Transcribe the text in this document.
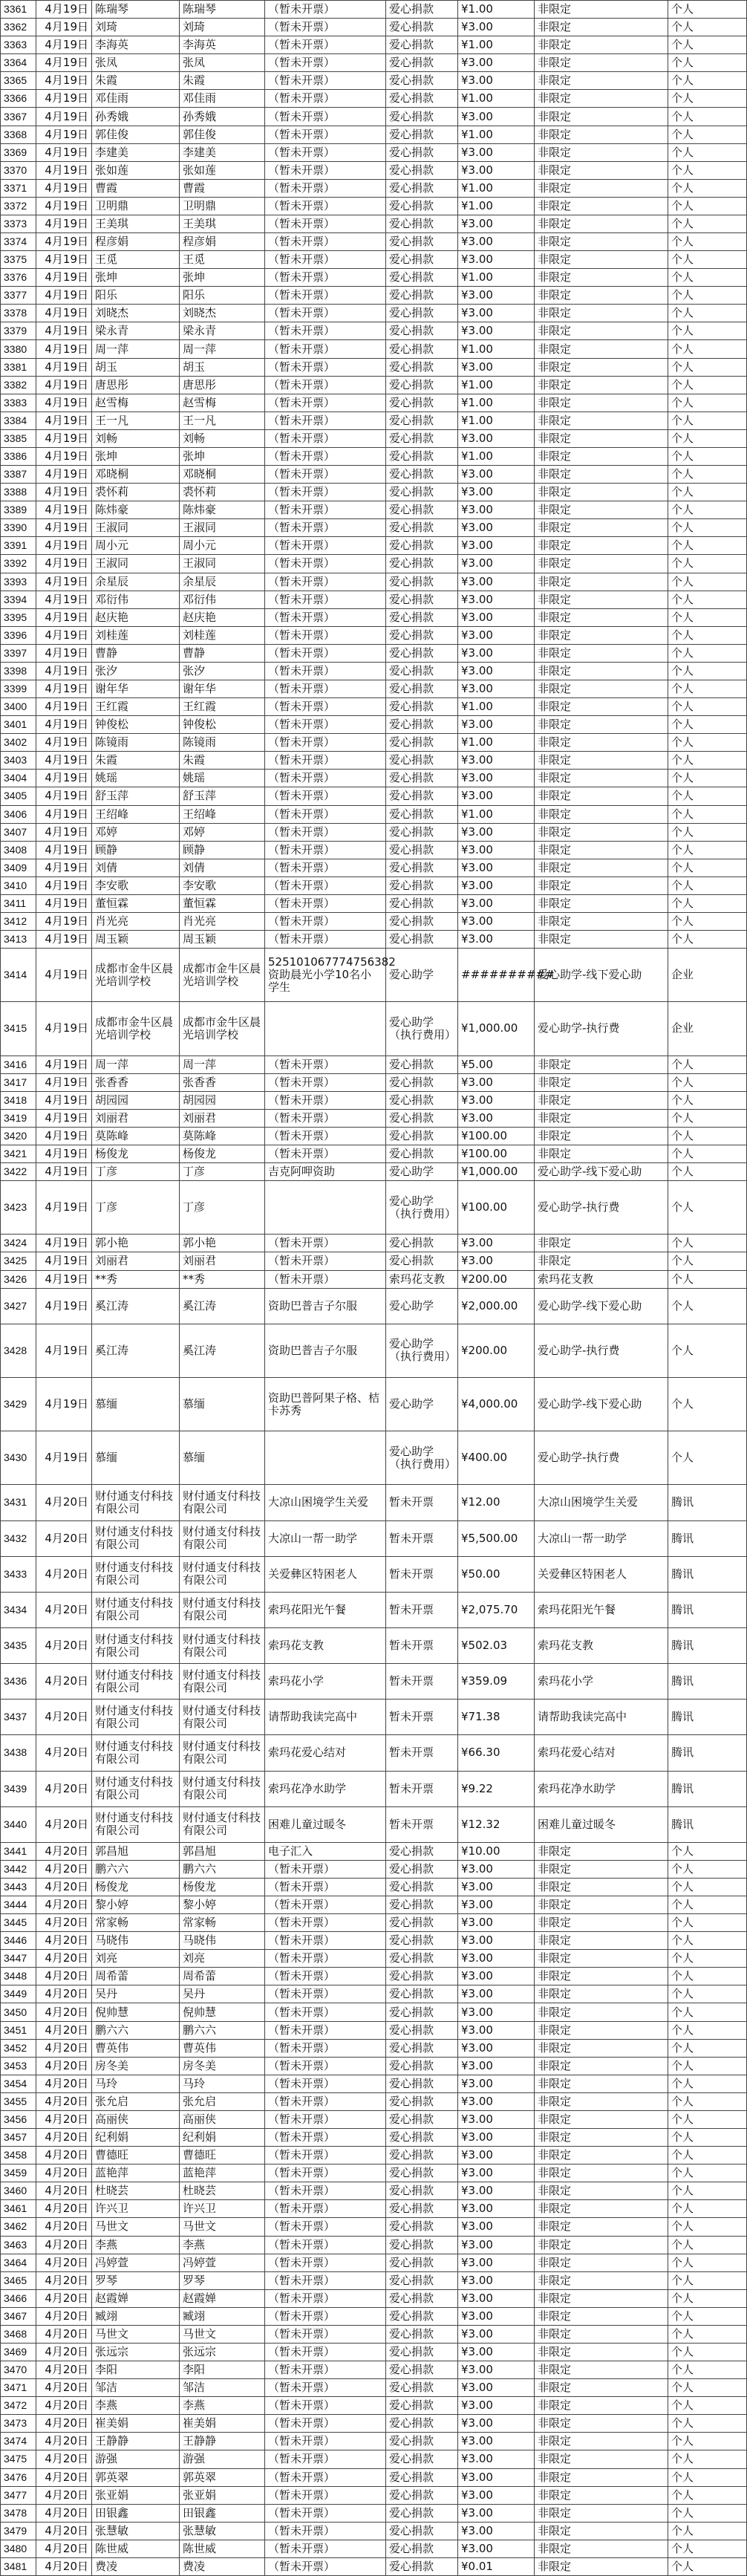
3361	4月19日	陈瑞琴	陈瑞琴	（暂未开票）	爱心捐款	¥1.00	非限定	个人
3362	4月19日	刘琦	刘琦	（暂未开票）	爱心捐款	¥3.00	非限定	个人
3363	4月19日	李海英	李海英	（暂未开票）	爱心捐款	¥1.00	非限定	个人
3364	4月19日	张凤	张凤	（暂未开票）	爱心捐款	¥3.00	非限定	个人
3365	4月19日	朱霞	朱霞	（暂未开票）	爱心捐款	¥3.00	非限定	个人
3366	4月19日	邓佳雨	邓佳雨	（暂未开票）	爱心捐款	¥1.00	非限定	个人
3367	4月19日	孙秀娥	孙秀娥	（暂未开票）	爱心捐款	¥3.00	非限定	个人
3368	4月19日	郭佳俊	郭佳俊	（暂未开票）	爱心捐款	¥1.00	非限定	个人
3369	4月19日	李建美	李建美	（暂未开票）	爱心捐款	¥3.00	非限定	个人
3370	4月19日	张如莲	张如莲	（暂未开票）	爱心捐款	¥3.00	非限定	个人
3371	4月19日	曹霞	曹霞	（暂未开票）	爱心捐款	¥1.00	非限定	个人
3372	4月19日	卫明鼎	卫明鼎	（暂未开票）	爱心捐款	¥1.00	非限定	个人
3373	4月19日	王美琪	王美琪	（暂未开票）	爱心捐款	¥3.00	非限定	个人
3374	4月19日	程彦娟	程彦娟	（暂未开票）	爱心捐款	¥3.00	非限定	个人
3375	4月19日	王觅	王觅	（暂未开票）	爱心捐款	¥3.00	非限定	个人
3376	4月19日	张坤	张坤	（暂未开票）	爱心捐款	¥1.00	非限定	个人
3377	4月19日	阳乐	阳乐	（暂未开票）	爱心捐款	¥3.00	非限定	个人
3378	4月19日	刘晓杰	刘晓杰	（暂未开票）	爱心捐款	¥3.00	非限定	个人
3379	4月19日	梁永青	梁永青	（暂未开票）	爱心捐款	¥3.00	非限定	个人
3380	4月19日	周一萍	周一萍	（暂未开票）	爱心捐款	¥1.00	非限定	个人
3381	4月19日	胡玉	胡玉	（暂未开票）	爱心捐款	¥3.00	非限定	个人
3382	4月19日	唐思彤	唐思彤	（暂未开票）	爱心捐款	¥1.00	非限定	个人
3383	4月19日	赵雪梅	赵雪梅	（暂未开票）	爱心捐款	¥1.00	非限定	个人
3384	4月19日	王一凡	王一凡	（暂未开票）	爱心捐款	¥1.00	非限定	个人
3385	4月19日	刘畅	刘畅	（暂未开票）	爱心捐款	¥3.00	非限定	个人
3386	4月19日	张坤	张坤	（暂未开票）	爱心捐款	¥1.00	非限定	个人
3387	4月19日	邓晓桐	邓晓桐	（暂未开票）	爱心捐款	¥3.00	非限定	个人
3388	4月19日	裘怀莉	裘怀莉	（暂未开票）	爱心捐款	¥3.00	非限定	个人
3389	4月19日	陈炜豪	陈炜豪	（暂未开票）	爱心捐款	¥3.00	非限定	个人
3390	4月19日	王淑同	王淑同	（暂未开票）	爱心捐款	¥3.00	非限定	个人
3391	4月19日	周小元	周小元	（暂未开票）	爱心捐款	¥3.00	非限定	个人
3392	4月19日	王淑同	王淑同	（暂未开票）	爱心捐款	¥3.00	非限定	个人
3393	4月19日	余星辰	余星辰	（暂未开票）	爱心捐款	¥3.00	非限定	个人
3394	4月19日	邓衍伟	邓衍伟	（暂未开票）	爱心捐款	¥3.00	非限定	个人
3395	4月19日	赵庆艳	赵庆艳	（暂未开票）	爱心捐款	¥3.00	非限定	个人
3396	4月19日	刘桂莲	刘桂莲	（暂未开票）	爱心捐款	¥3.00	非限定	个人
3397	4月19日	曹静	曹静	（暂未开票）	爱心捐款	¥3.00	非限定	个人
3398	4月19日	张汐	张汐	（暂未开票）	爱心捐款	¥3.00	非限定	个人
3399	4月19日	谢年华	谢年华	（暂未开票）	爱心捐款	¥3.00	非限定	个人
3400	4月19日	王红霞	王红霞	（暂未开票）	爱心捐款	¥1.00	非限定	个人
3401	4月19日	钟俊松	钟俊松	（暂未开票）	爱心捐款	¥3.00	非限定	个人
3402	4月19日	陈镜雨	陈镜雨	（暂未开票）	爱心捐款	¥1.00	非限定	个人
3403	4月19日	朱霞	朱霞	（暂未开票）	爱心捐款	¥3.00	非限定	个人
3404	4月19日	姚瑶	姚瑶	（暂未开票）	爱心捐款	¥3.00	非限定	个人
3405	4月19日	舒玉萍	舒玉萍	（暂未开票）	爱心捐款	¥3.00	非限定	个人
3406	4月19日	王绍峰	王绍峰	（暂未开票）	爱心捐款	¥1.00	非限定	个人
3407	4月19日	邓婷	邓婷	（暂未开票）	爱心捐款	¥3.00	非限定	个人
3408	4月19日	顾静	顾静	（暂未开票）	爱心捐款	¥3.00	非限定	个人
3409	4月19日	刘倩	刘倩	（暂未开票）	爱心捐款	¥3.00	非限定	个人
3410	4月19日	李安歌	李安歌	（暂未开票）	爱心捐款	¥3.00	非限定	个人
3411	4月19日	董恒霖	董恒霖	（暂未开票）	爱心捐款	¥3.00	非限定	个人
3412	4月19日	肖光亮	肖光亮	（暂未开票）	爱心捐款	¥3.00	非限定	个人
3413	4月19日	周玉颖	周玉颖	（暂未开票）	爱心捐款	¥3.00	非限定	个人
3414	4月19日	成都市金牛区晨光培训学校	成都市金牛区晨光培训学校	525101067774756382 资助晨光小学10名小学生	爱心助学	##########	爱心助学-线下爱心助	企业
3415	4月19日	成都市金牛区晨光培训学校	成都市金牛区晨光培训学校		爱心助学（执行费用）	¥1,000.00	爱心助学-执行费	企业
3416	4月19日	周一萍	周一萍	（暂未开票）	爱心捐款	¥5.00	非限定	个人
3417	4月19日	张香香	张香香	（暂未开票）	爱心捐款	¥3.00	非限定	个人
3418	4月19日	胡园园	胡园园	（暂未开票）	爱心捐款	¥3.00	非限定	个人
3419	4月19日	刘丽君	刘丽君	（暂未开票）	爱心捐款	¥3.00	非限定	个人
3420	4月19日	莫陈峰	莫陈峰	（暂未开票）	爱心捐款	¥100.00	非限定	个人
3421	4月19日	杨俊龙	杨俊龙	（暂未开票）	爱心捐款	¥100.00	非限定	个人
3422	4月19日	丁彦	丁彦	吉克阿呷资助	爱心助学	¥1,000.00	爱心助学-线下爱心助	个人
3423	4月19日	丁彦	丁彦		爱心助学（执行费用）	¥100.00	爱心助学-执行费	个人
3424	4月19日	郭小艳	郭小艳	（暂未开票）	爱心捐款	¥3.00	非限定	个人
3425	4月19日	刘丽君	刘丽君	（暂未开票）	爱心捐款	¥3.00	非限定	个人
3426	4月19日	**秀	**秀	（暂未开票）	索玛花支教	¥200.00	索玛花支教	个人
3427	4月19日	奚江涛	奚江涛	资助巴普吉子尔服	爱心助学	¥2,000.00	爱心助学-线下爱心助	个人
3428	4月19日	奚江涛	奚江涛	资助巴普吉子尔服	爱心助学（执行费用）	¥200.00	爱心助学-执行费	个人
3429	4月19日	慕缅	慕缅	资助巴普阿果子格、桔卡苏秀	爱心助学	¥4,000.00	爱心助学-线下爱心助	个人
3430	4月19日	慕缅	慕缅		爱心助学（执行费用）	¥400.00	爱心助学-执行费	个人
3431	4月20日	财付通支付科技有限公司	财付通支付科技有限公司	大凉山困境学生关爱	暂未开票	¥12.00	大凉山困境学生关爱	腾讯
3432	4月20日	财付通支付科技有限公司	财付通支付科技有限公司	大凉山一帮一助学	暂未开票	¥5,500.00	大凉山一帮一助学	腾讯
3433	4月20日	财付通支付科技有限公司	财付通支付科技有限公司	关爱彝区特困老人	暂未开票	¥50.00	关爱彝区特困老人	腾讯
3434	4月20日	财付通支付科技有限公司	财付通支付科技有限公司	索玛花阳光午餐	暂未开票	¥2,075.70	索玛花阳光午餐	腾讯
3435	4月20日	财付通支付科技有限公司	财付通支付科技有限公司	索玛花支教	暂未开票	¥502.03	索玛花支教	腾讯
3436	4月20日	财付通支付科技有限公司	财付通支付科技有限公司	索玛花小学	暂未开票	¥359.09	索玛花小学	腾讯
3437	4月20日	财付通支付科技有限公司	财付通支付科技有限公司	请帮助我读完高中	暂未开票	¥71.38	请帮助我读完高中	腾讯
3438	4月20日	财付通支付科技有限公司	财付通支付科技有限公司	索玛花爱心结对	暂未开票	¥66.30	索玛花爱心结对	腾讯
3439	4月20日	财付通支付科技有限公司	财付通支付科技有限公司	索玛花净水助学	暂未开票	¥9.22	索玛花净水助学	腾讯
3440	4月20日	财付通支付科技有限公司	财付通支付科技有限公司	困难儿童过暖冬	暂未开票	¥12.32	困难儿童过暖冬	腾讯
3441	4月20日	郭昌旭	郭昌旭	电子汇入	爱心捐款	¥10.00	非限定	个人
3442	4月20日	鹏六六	鹏六六	（暂未开票）	爱心捐款	¥3.00	非限定	个人
3443	4月20日	杨俊龙	杨俊龙	（暂未开票）	爱心捐款	¥3.00	非限定	个人
3444	4月20日	黎小婷	黎小婷	（暂未开票）	爱心捐款	¥3.00	非限定	个人
3445	4月20日	常家畅	常家畅	（暂未开票）	爱心捐款	¥3.00	非限定	个人
3446	4月20日	马晓伟	马晓伟	（暂未开票）	爱心捐款	¥3.00	非限定	个人
3447	4月20日	刘亮	刘亮	（暂未开票）	爱心捐款	¥3.00	非限定	个人
3448	4月20日	周希蕾	周希蕾	（暂未开票）	爱心捐款	¥3.00	非限定	个人
3449	4月20日	吴丹	吴丹	（暂未开票）	爱心捐款	¥3.00	非限定	个人
3450	4月20日	倪帅慧	倪帅慧	（暂未开票）	爱心捐款	¥3.00	非限定	个人
3451	4月20日	鹏六六	鹏六六	（暂未开票）	爱心捐款	¥3.00	非限定	个人
3452	4月20日	曹英伟	曹英伟	（暂未开票）	爱心捐款	¥3.00	非限定	个人
3453	4月20日	房冬美	房冬美	（暂未开票）	爱心捐款	¥3.00	非限定	个人
3454	4月20日	马玲	马玲	（暂未开票）	爱心捐款	¥3.00	非限定	个人
3455	4月20日	张允启	张允启	（暂未开票）	爱心捐款	¥3.00	非限定	个人
3456	4月20日	高丽侠	高丽侠	（暂未开票）	爱心捐款	¥3.00	非限定	个人
3457	4月20日	纪利娟	纪利娟	（暂未开票）	爱心捐款	¥3.00	非限定	个人
3458	4月20日	曹德旺	曹德旺	（暂未开票）	爱心捐款	¥3.00	非限定	个人
3459	4月20日	蓝艳萍	蓝艳萍	（暂未开票）	爱心捐款	¥3.00	非限定	个人
3460	4月20日	杜晓芸	杜晓芸	（暂未开票）	爱心捐款	¥3.00	非限定	个人
3461	4月20日	许兴卫	许兴卫	（暂未开票）	爱心捐款	¥3.00	非限定	个人
3462	4月20日	马世文	马世文	（暂未开票）	爱心捐款	¥3.00	非限定	个人
3463	4月20日	李燕	李燕	（暂未开票）	爱心捐款	¥3.00	非限定	个人
3464	4月20日	冯婷萱	冯婷萱	（暂未开票）	爱心捐款	¥3.00	非限定	个人
3465	4月20日	罗琴	罗琴	（暂未开票）	爱心捐款	¥3.00	非限定	个人
3466	4月20日	赵霞婵	赵霞婵	（暂未开票）	爱心捐款	¥3.00	非限定	个人
3467	4月20日	臧翊	臧翊	（暂未开票）	爱心捐款	¥3.00	非限定	个人
3468	4月20日	马世文	马世文	（暂未开票）	爱心捐款	¥3.00	非限定	个人
3469	4月20日	张远宗	张远宗	（暂未开票）	爱心捐款	¥3.00	非限定	个人
3470	4月20日	李阳	李阳	（暂未开票）	爱心捐款	¥3.00	非限定	个人
3471	4月20日	邹洁	邹洁	（暂未开票）	爱心捐款	¥3.00	非限定	个人
3472	4月20日	李燕	李燕	（暂未开票）	爱心捐款	¥3.00	非限定	个人
3473	4月20日	崔美娟	崔美娟	（暂未开票）	爱心捐款	¥3.00	非限定	个人
3474	4月20日	王静静	王静静	（暂未开票）	爱心捐款	¥3.00	非限定	个人
3475	4月20日	游强	游强	（暂未开票）	爱心捐款	¥3.00	非限定	个人
3476	4月20日	郭英翠	郭英翠	（暂未开票）	爱心捐款	¥3.00	非限定	个人
3477	4月20日	张亚娟	张亚娟	（暂未开票）	爱心捐款	¥3.00	非限定	个人
3478	4月20日	田银鑫	田银鑫	（暂未开票）	爱心捐款	¥3.00	非限定	个人
3479	4月20日	张慧敏	张慧敏	（暂未开票）	爱心捐款	¥3.00	非限定	个人
3480	4月20日	陈世威	陈世威	（暂未开票）	爱心捐款	¥3.00	非限定	个人
3481	4月20日	费凌	费凌	（暂未开票）	爱心捐款	¥0.01	非限定	个人
